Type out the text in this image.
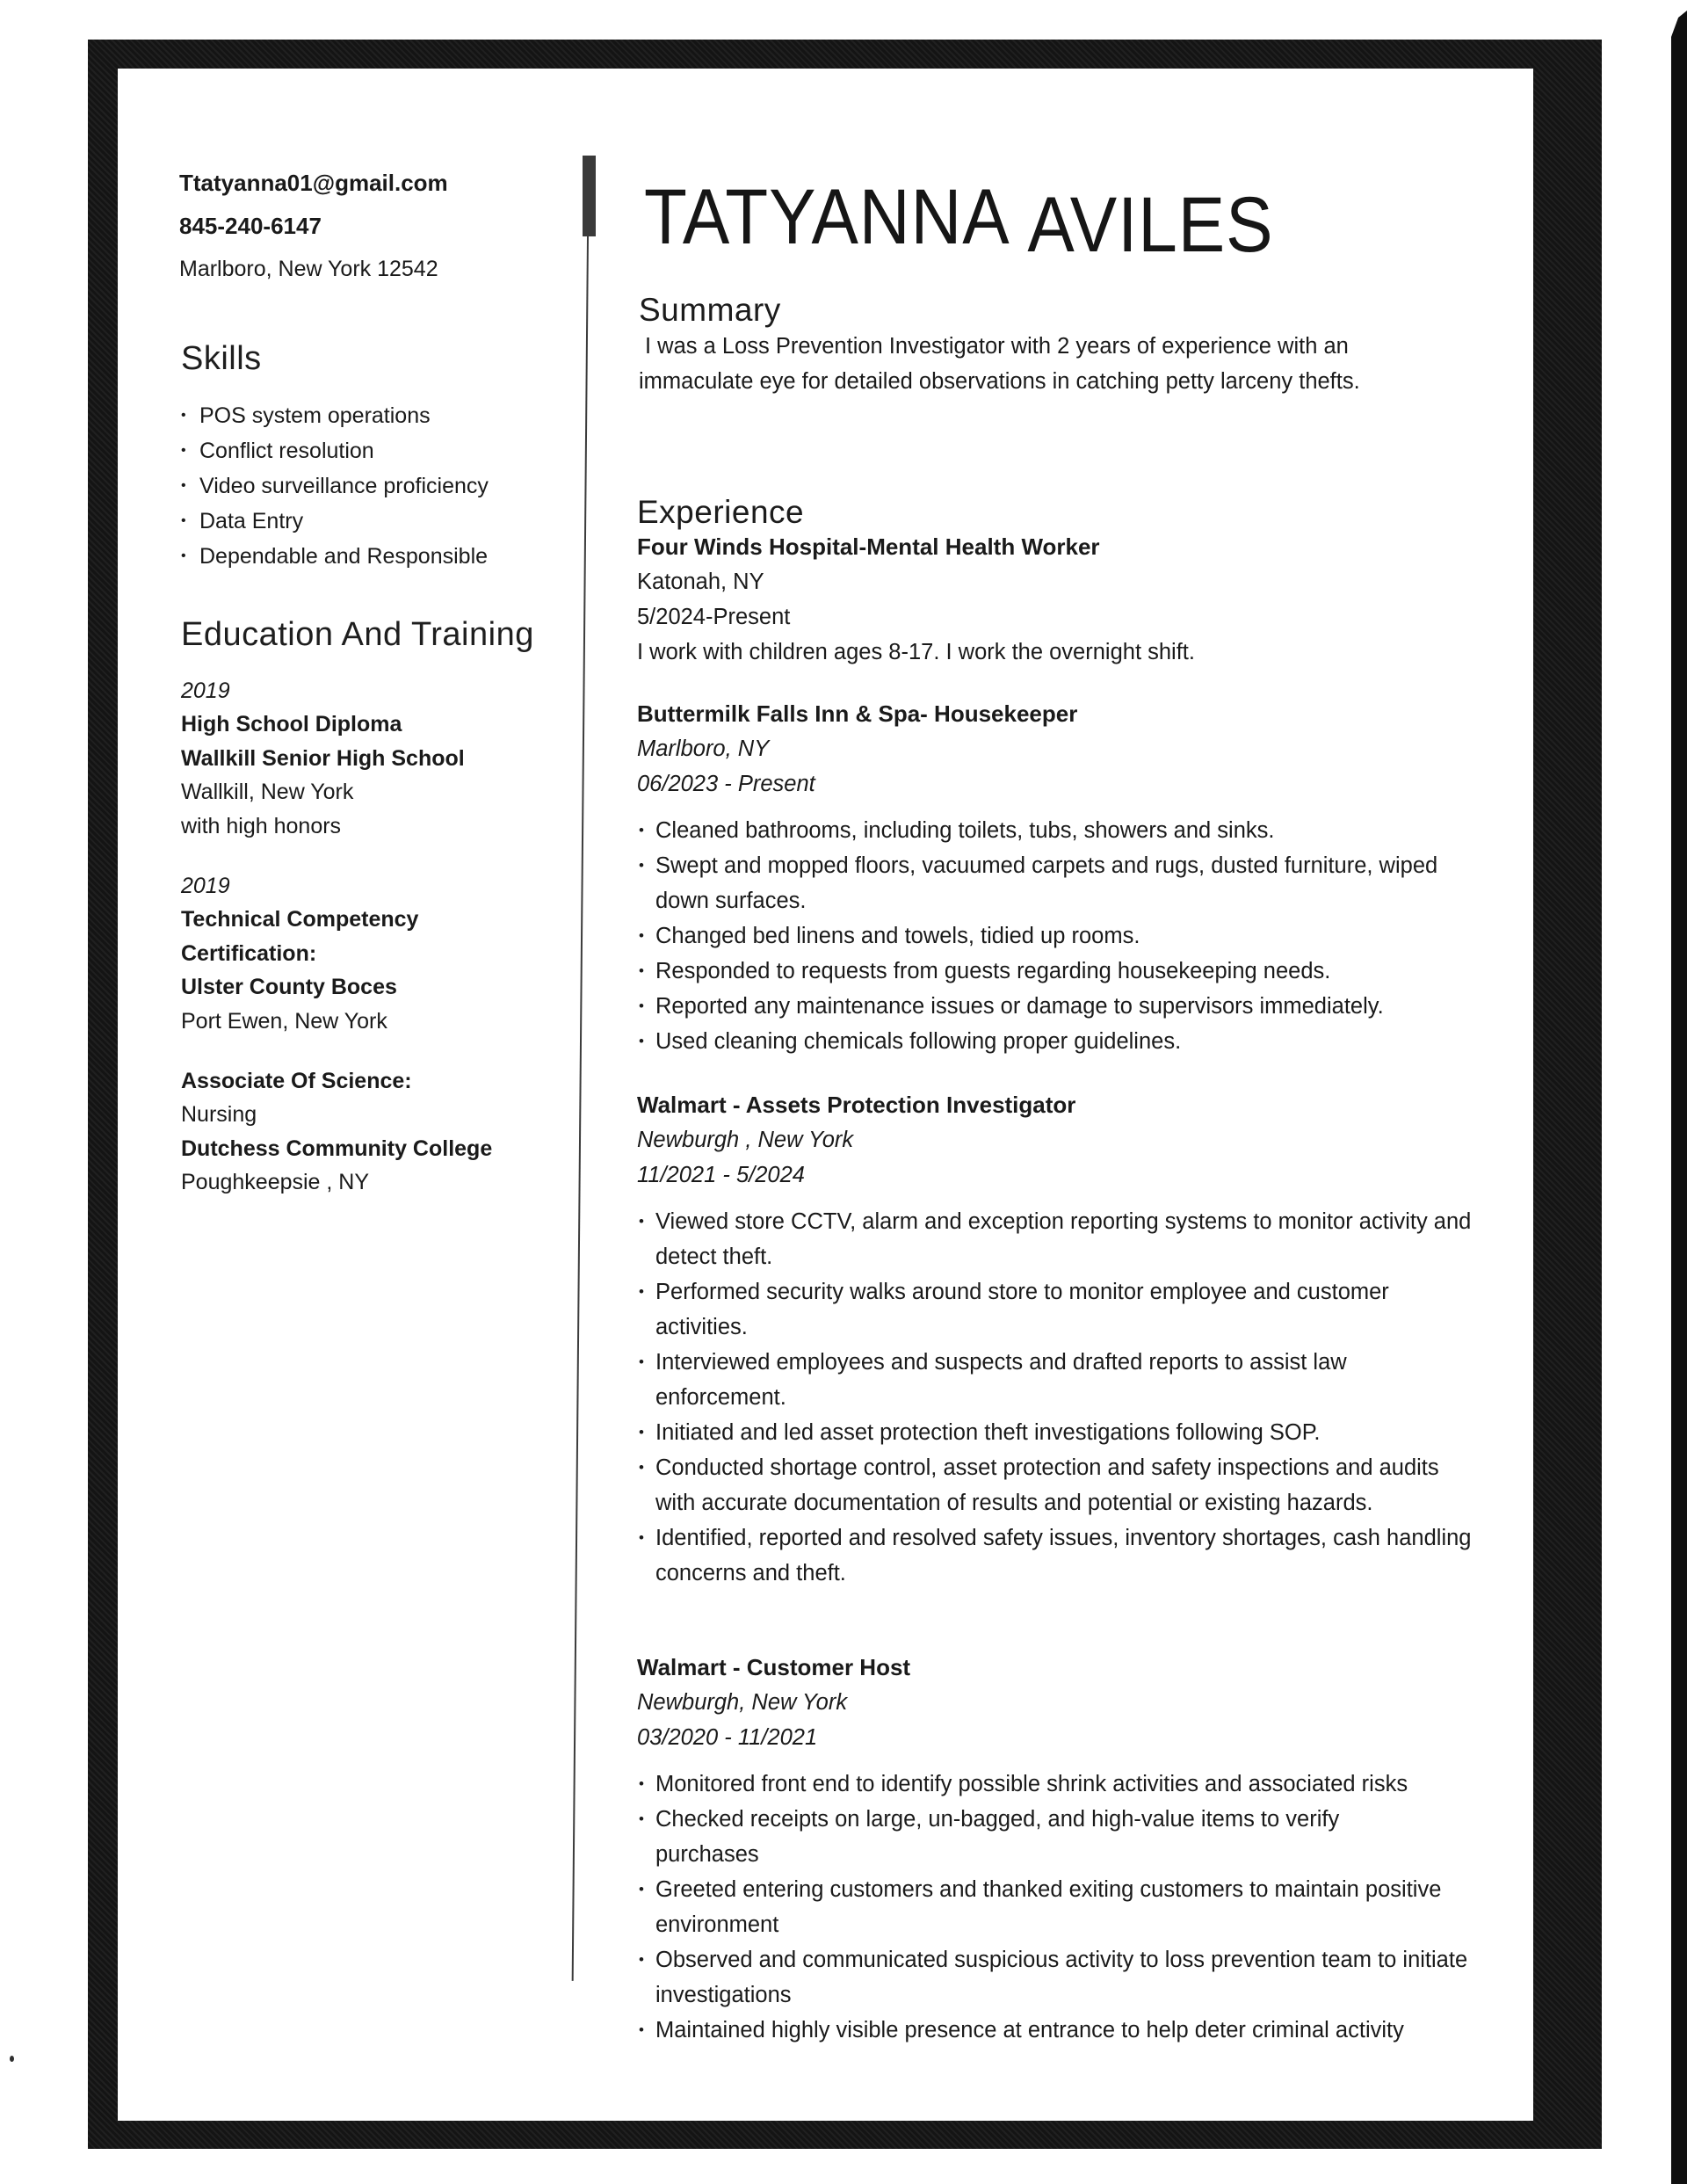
Ttatyanna01@gmail.com

845-240-6147

Marlboro, New York 12542

Skills
• POS system operations
• Conflict resolution
• Video surveillance proficiency
• Data Entry
• Dependable and Responsible
Education And Training

2019

High School Diploma

Wallkill Senior High School

Wallkill, New York

with high honors

2019

Technical Competency Certification:

Ulster County Boces

Port Ewen, New York

Associate Of Science:

Nursing

Dutchess Community College

Poughkeepsie , NY

TATYANNA AVILES
Summary

I was a Loss Prevention Investigator with 2 years of experience with an immaculate eye for detailed observations in catching petty larceny thefts.

Experience
Four Winds Hospital-Mental Health Worker

Katonah, NY

5/2024-Present

I work with children ages 8-17. I work the overnight shift.

Buttermilk Falls Inn & Spa- Housekeeper

Marlboro, NY

06/2023 - Present

• Cleaned bathrooms, including toilets, tubs, showers and sinks.
• Swept and mopped floors, vacuumed carpets and rugs, dusted furniture, wiped down surfaces.
• Changed bed linens and towels, tidied up rooms.
• Responded to requests from guests regarding housekeeping needs.
• Reported any maintenance issues or damage to supervisors immediately.
• Used cleaning chemicals following proper guidelines.
Walmart - Assets Protection Investigator

Newburgh , New York

11/2021 - 5/2024

• Viewed store CCTV, alarm and exception reporting systems to monitor activity and detect theft.
• Performed security walks around store to monitor employee and customer activities.
• Interviewed employees and suspects and drafted reports to assist law enforcement.
• Initiated and led asset protection theft investigations following SOP.
• Conducted shortage control, asset protection and safety inspections and audits with accurate documentation of results and potential or existing hazards.
• Identified, reported and resolved safety issues, inventory shortages, cash handling concerns and theft.
Walmart - Customer Host

Newburgh, New York

03/2020 - 11/2021

• Monitored front end to identify possible shrink activities and associated risks
• Checked receipts on large, un-bagged, and high-value items to verify purchases
• Greeted entering customers and thanked exiting customers to maintain positive environment
• Observed and communicated suspicious activity to loss prevention team to initiate investigations
• Maintained highly visible presence at entrance to help deter criminal activity
